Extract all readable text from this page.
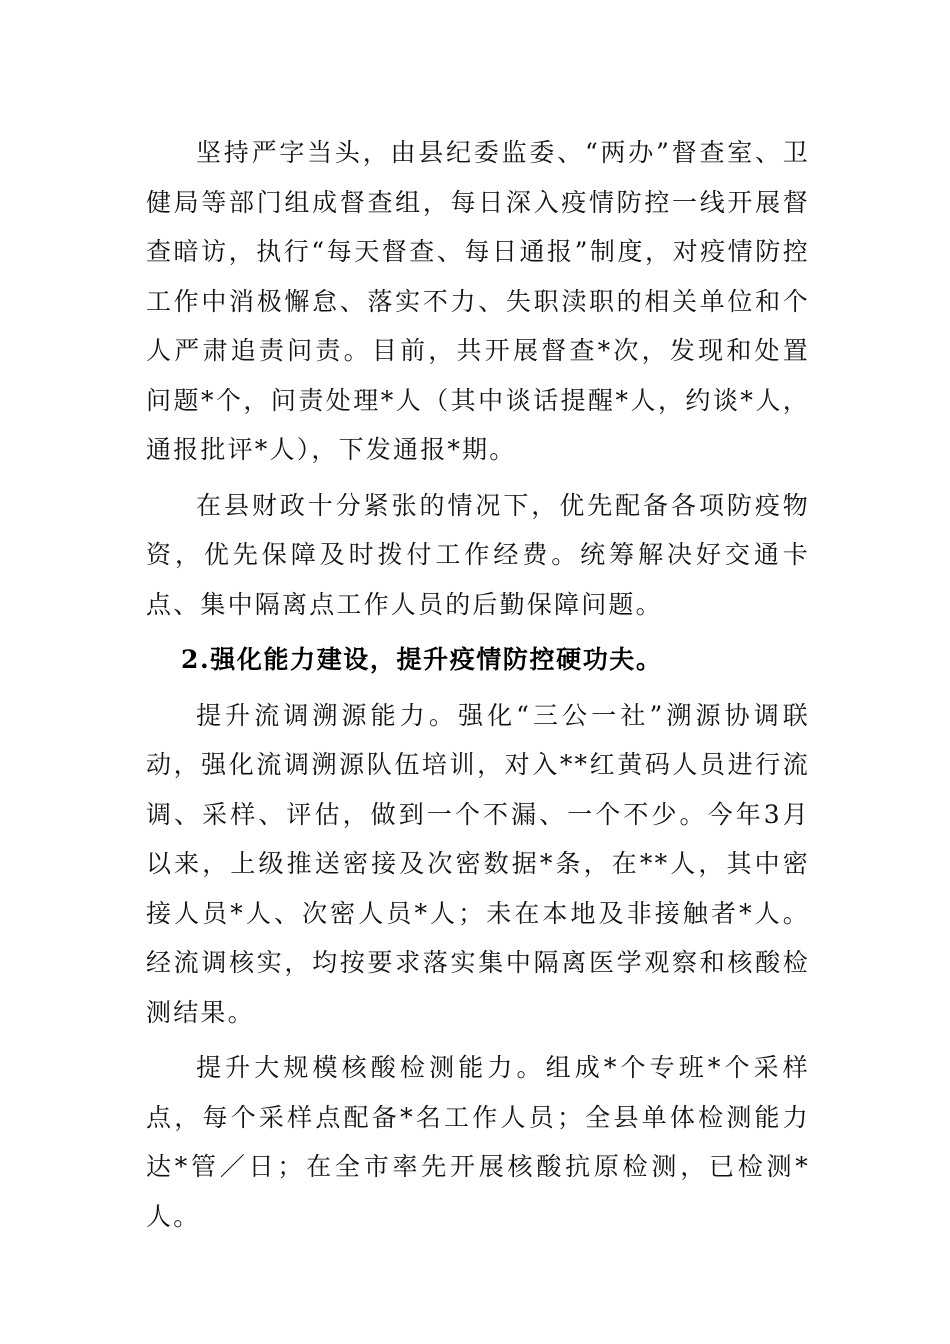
坚持严字当头，由县纪委监委、“两办”督查室、卫健局等部门组成督查组，每日深入疫情防控一线开展督查暗访，执行“每天督查、每日通报”制度，对疫情防控工作中消极懈怠、落实不力、失职渎职的相关单位和个人严肃追责问责。目前，共开展督查*次，发现和处置问题*个，问责处理*人（其中谈话提醒*人，约谈*人，通报批评*人），下发通报*期。

在县财政十分紧张的情况下，优先配备各项防疫物资，优先保障及时拨付工作经费。统筹解决好交通卡点、集中隔离点工作人员的后勤保障问题。

2.强化能力建设，提升疫情防控硬功夫。

提升流调溯源能力。强化“三公一社”溯源协调联动，强化流调溯源队伍培训，对入**红黄码人员进行流调、采样、评估，做到一个不漏、一个不少。今年3月以来，上级推送密接及次密数据*条，在**人，其中密接人员*人、次密人员*人；未在本地及非接触者*人。经流调核实，均按要求落实集中隔离医学观察和核酸检测结果。

提升大规模核酸检测能力。组成*个专班*个采样点，每个采样点配备*名工作人员；全县单体检测能力达*管／日；在全市率先开展核酸抗原检测，已检测*人。
